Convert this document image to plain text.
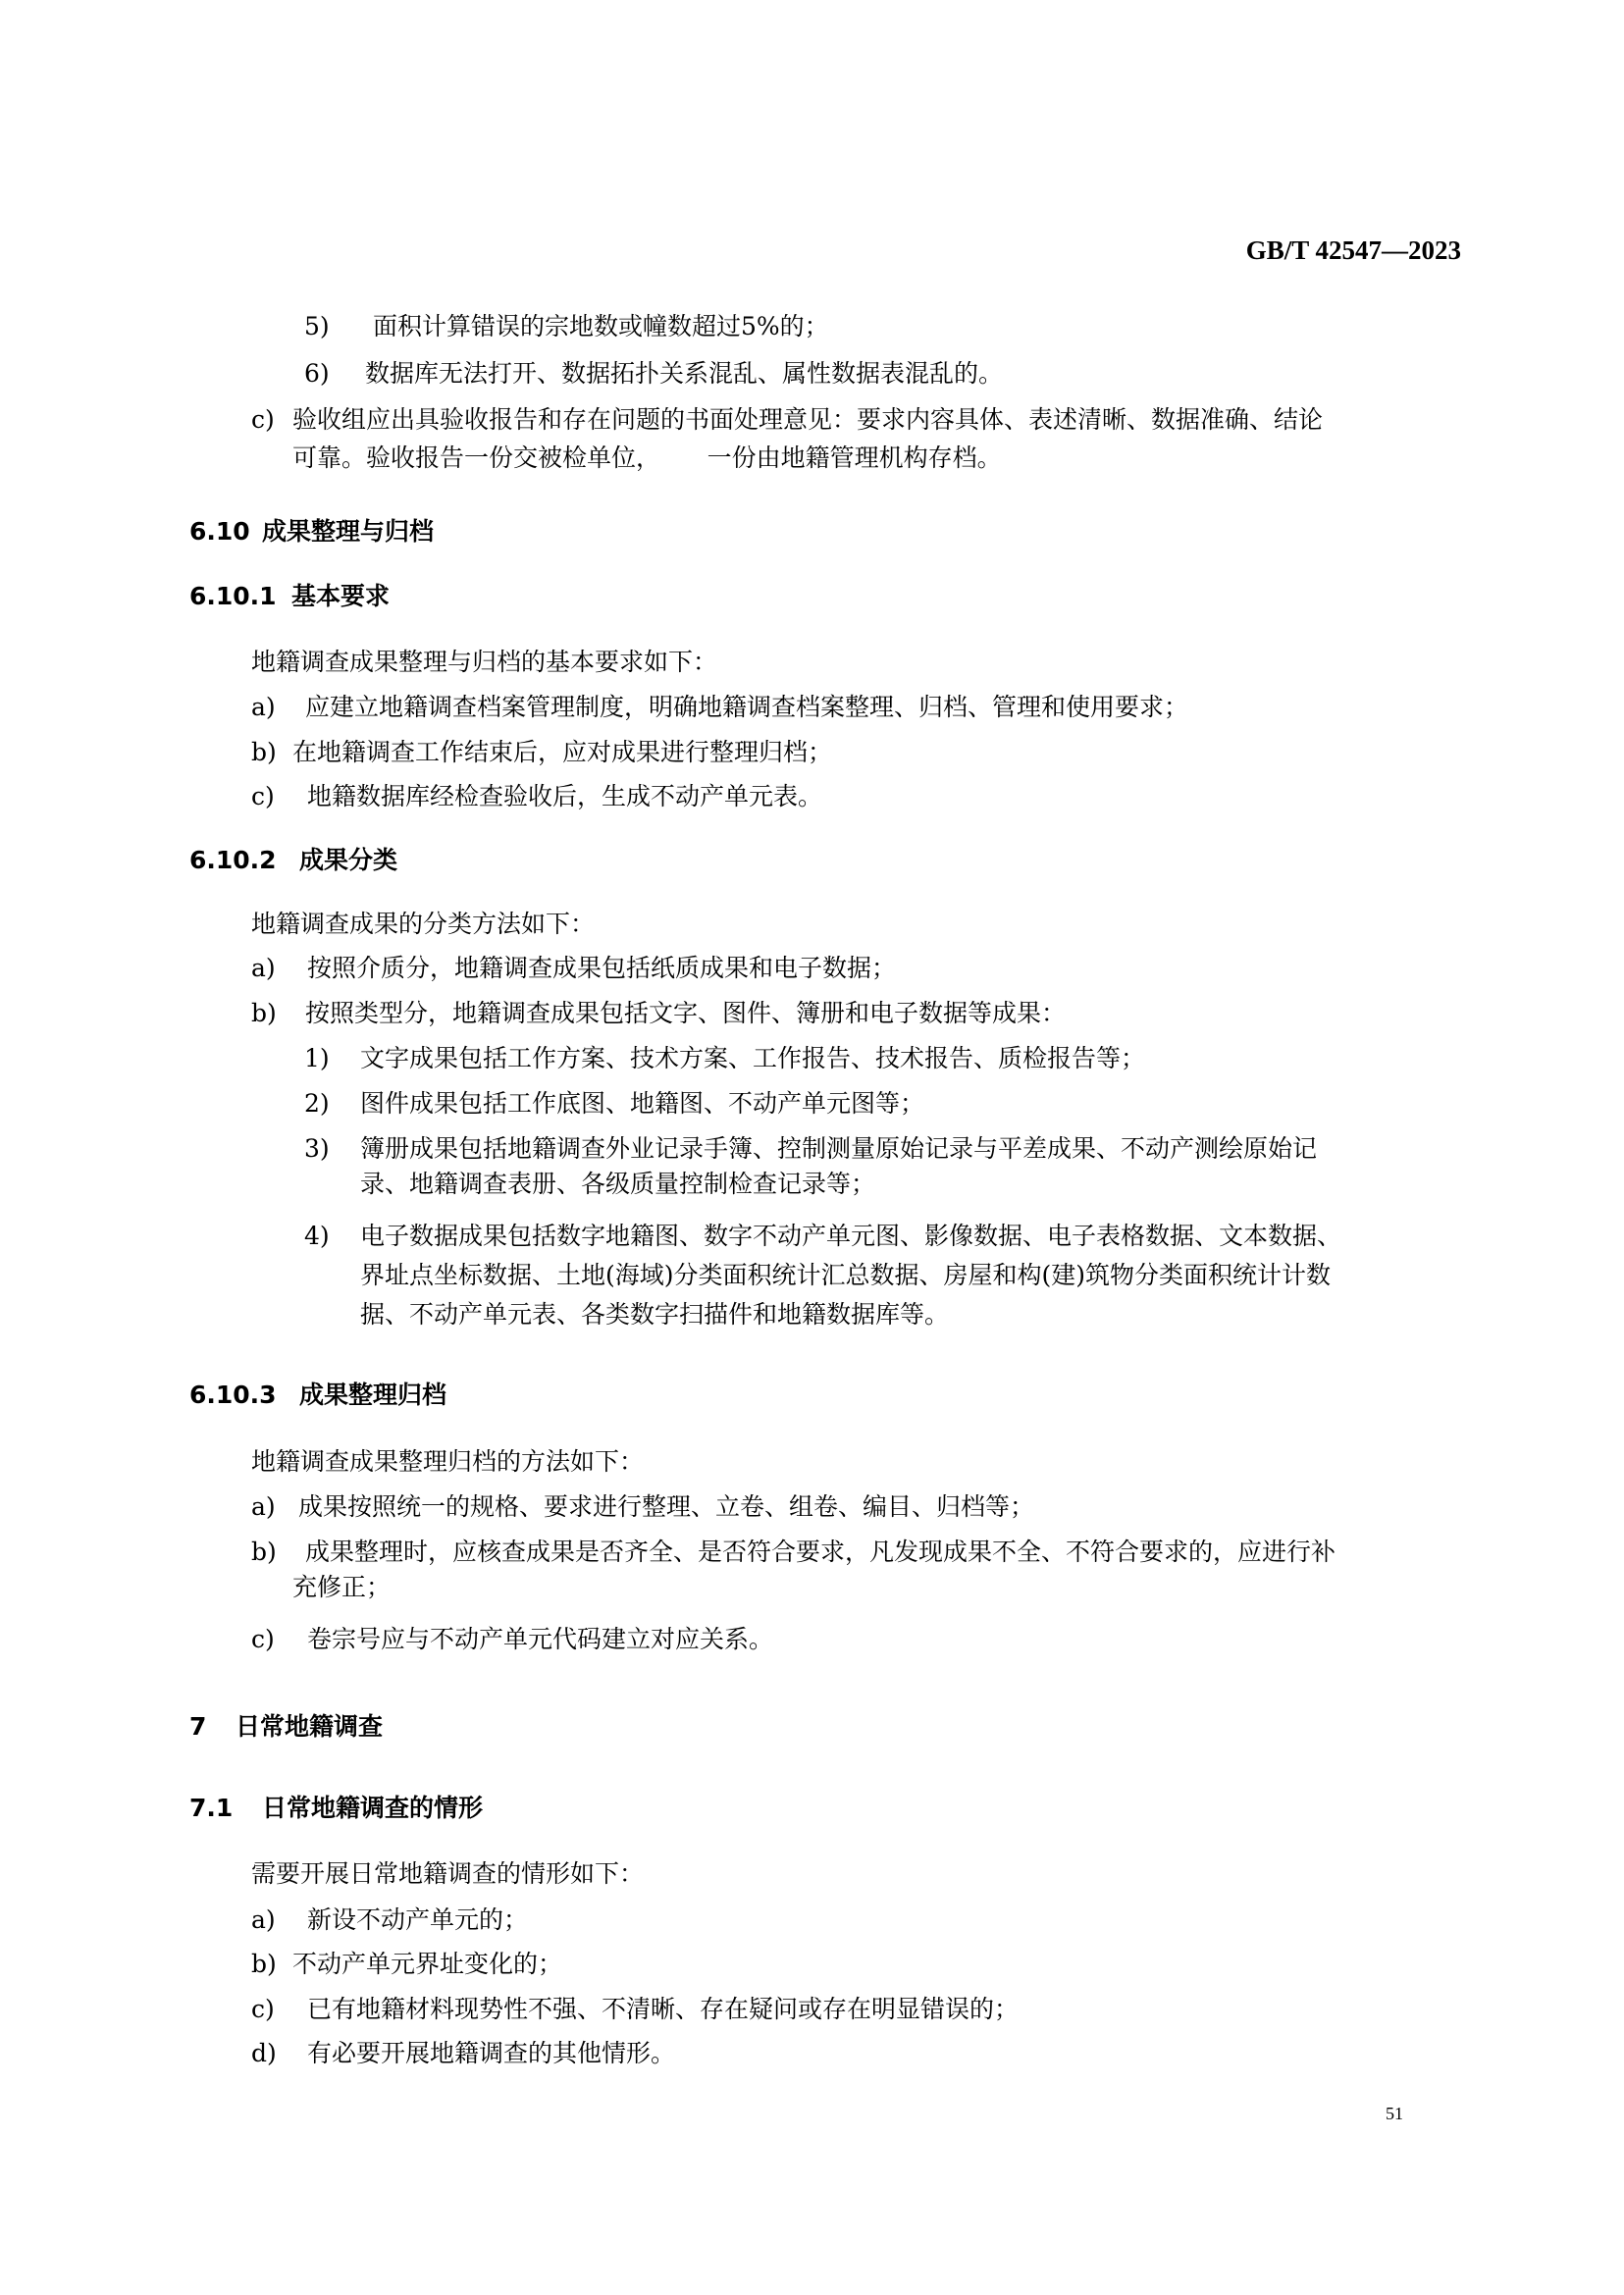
GB/T 42547—2023
5) 面积计算错误的宗地数或幢数超过5%的；
6) 数据库无法打开、数据拓扑关系混乱、属性数据表混乱的。
c) 验收组应出具验收报告和存在问题的书面处理意见：要求内容具体、表述清晰、数据准确、结论
可靠。验收报告一份交被检单位，      一份由地籍管理机构存档。
6.10 成果整理与归档
6.10.1 基本要求
地籍调查成果整理与归档的基本要求如下：
a) 应建立地籍调查档案管理制度，明确地籍调查档案整理、归档、管理和使用要求；
b) 在地籍调查工作结束后，应对成果进行整理归档；
c) 地籍数据库经检查验收后，生成不动产单元表。
6.10.2 成果分类
地籍调查成果的分类方法如下：
a) 按照介质分，地籍调查成果包括纸质成果和电子数据；
b) 按照类型分，地籍调查成果包括文字、图件、簿册和电子数据等成果：
1) 文字成果包括工作方案、技术方案、工作报告、技术报告、质检报告等；
2) 图件成果包括工作底图、地籍图、不动产单元图等；
3) 簿册成果包括地籍调查外业记录手簿、控制测量原始记录与平差成果、不动产测绘原始记
录、地籍调查表册、各级质量控制检查记录等；
4) 电子数据成果包括数字地籍图、数字不动产单元图、影像数据、电子表格数据、文本数据、
界址点坐标数据、土地(海域)分类面积统计汇总数据、房屋和构(建)筑物分类面积统计计数
据、不动产单元表、各类数字扫描件和地籍数据库等。
6.10.3 成果整理归档
地籍调查成果整理归档的方法如下：
a) 成果按照统一的规格、要求进行整理、立卷、组卷、编目、归档等；
b) 成果整理时，应核查成果是否齐全、是否符合要求，凡发现成果不全、不符合要求的，应进行补
充修正；
c) 卷宗号应与不动产单元代码建立对应关系。
7 日常地籍调查
7.1 日常地籍调查的情形
需要开展日常地籍调查的情形如下：
a) 新设不动产单元的；
b) 不动产单元界址变化的；
c) 已有地籍材料现势性不强、不清晰、存在疑问或存在明显错误的；
d) 有必要开展地籍调查的其他情形。
51
